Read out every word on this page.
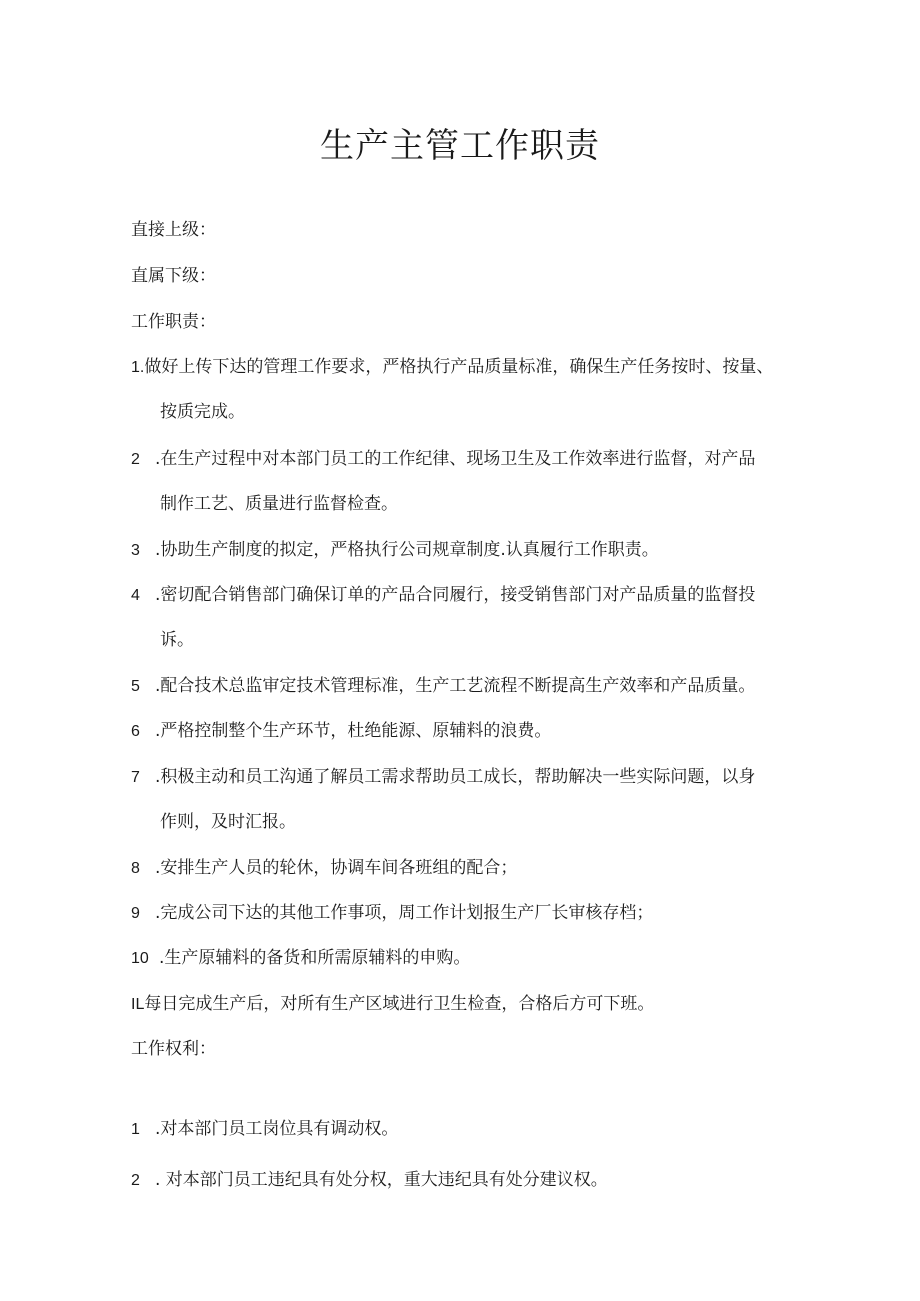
生产主管工作职责

直接上级：

直属下级：

工作职责：

1.做好上传下达的管理工作要求，严格执行产品质量标准，确保生产任务按时、按量、

按质完成。

2 .在生产过程中对本部门员工的工作纪律、现场卫生及工作效率进行监督，对产品

制作工艺、质量进行监督检查。

3 .协助生产制度的拟定，严格执行公司规章制度.认真履行工作职责。

4 .密切配合销售部门确保订单的产品合同履行，接受销售部门对产品质量的监督投

诉。

5 .配合技术总监审定技术管理标准，生产工艺流程不断提高生产效率和产品质量。

6 .严格控制整个生产环节，杜绝能源、原辅料的浪费。

7 .积极主动和员工沟通了解员工需求帮助员工成长，帮助解决一些实际问题，以身

作则，及时汇报。

8 .安排生产人员的轮休，协调车间各班组的配合；

9 .完成公司下达的其他工作事项，周工作计划报生产厂长审核存档；

10 .生产原辅料的备货和所需原辅料的申购。

IL每日完成生产后，对所有生产区域进行卫生检查，合格后方可下班。

工作权利：

1 .对本部门员工岗位具有调动权。

2 . 对本部门员工违纪具有处分权，重大违纪具有处分建议权。
